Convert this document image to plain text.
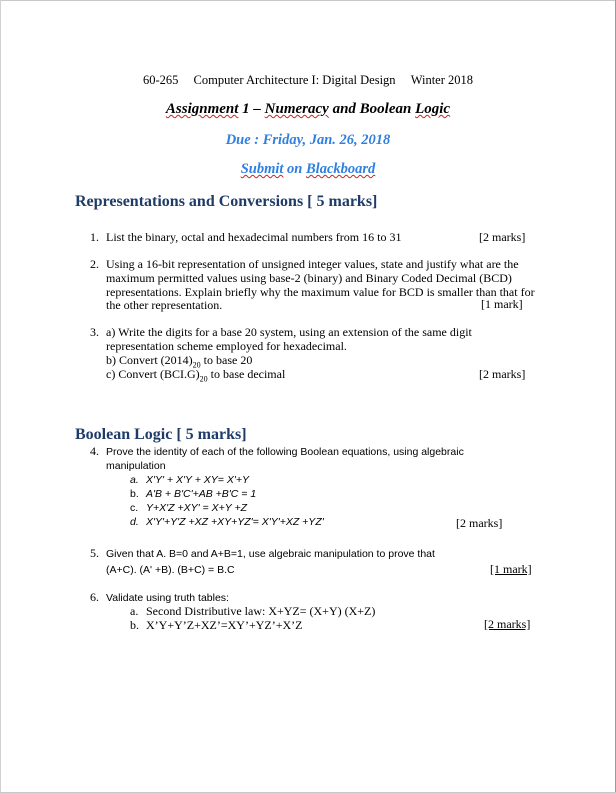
60-265 Computer Architecture I: Digital Design Winter 2018
Assignment 1 – Numeracy and Boolean Logic
Due : Friday, Jan. 26, 2018
Submit on Blackboard
Representations and Conversions [ 5 marks]
1. List the binary, octal and hexadecimal numbers from 16 to 31	[2 marks]
2. Using a 16-bit representation of unsigned integer values, state and justify what are the
maximum permitted values using base-2 (binary) and Binary Coded Decimal (BCD)
representations. Explain briefly why the maximum value for BCD is smaller than that for
the other representation.	[1 mark]
3. a) Write the digits for a base 20 system, using an extension of the same digit
representation scheme employed for hexadecimal.
b) Convert $(2014)_{20}$ to base 20
c) Convert $(BCI.G)_{20}$ to base decimal	[2 marks]
Boolean Logic [ 5 marks]
4. Prove the identity of each of the following Boolean equations, using algebraic
manipulation
a. X'Y' + X'Y + XY= X'+Y
b. A'B + B'C'+AB +B'C = 1
c. Y+X'Z +XY' = X+Y +Z
d. X'Y'+Y'Z +XZ +XY+YZ'= X'Y'+XZ +YZ'	[2 marks]
5. Given that A. B=0 and A+B=1, use algebraic manipulation to prove that
(A+C). (A' +B). (B+C) = B.C	[1 mark]
6. Validate using truth tables:
a. Second Distributive law: X+YZ= (X+Y) (X+Z)
b. X’Y+Y’Z+XZ’=XY’+YZ’+X’Z	[2 marks]
